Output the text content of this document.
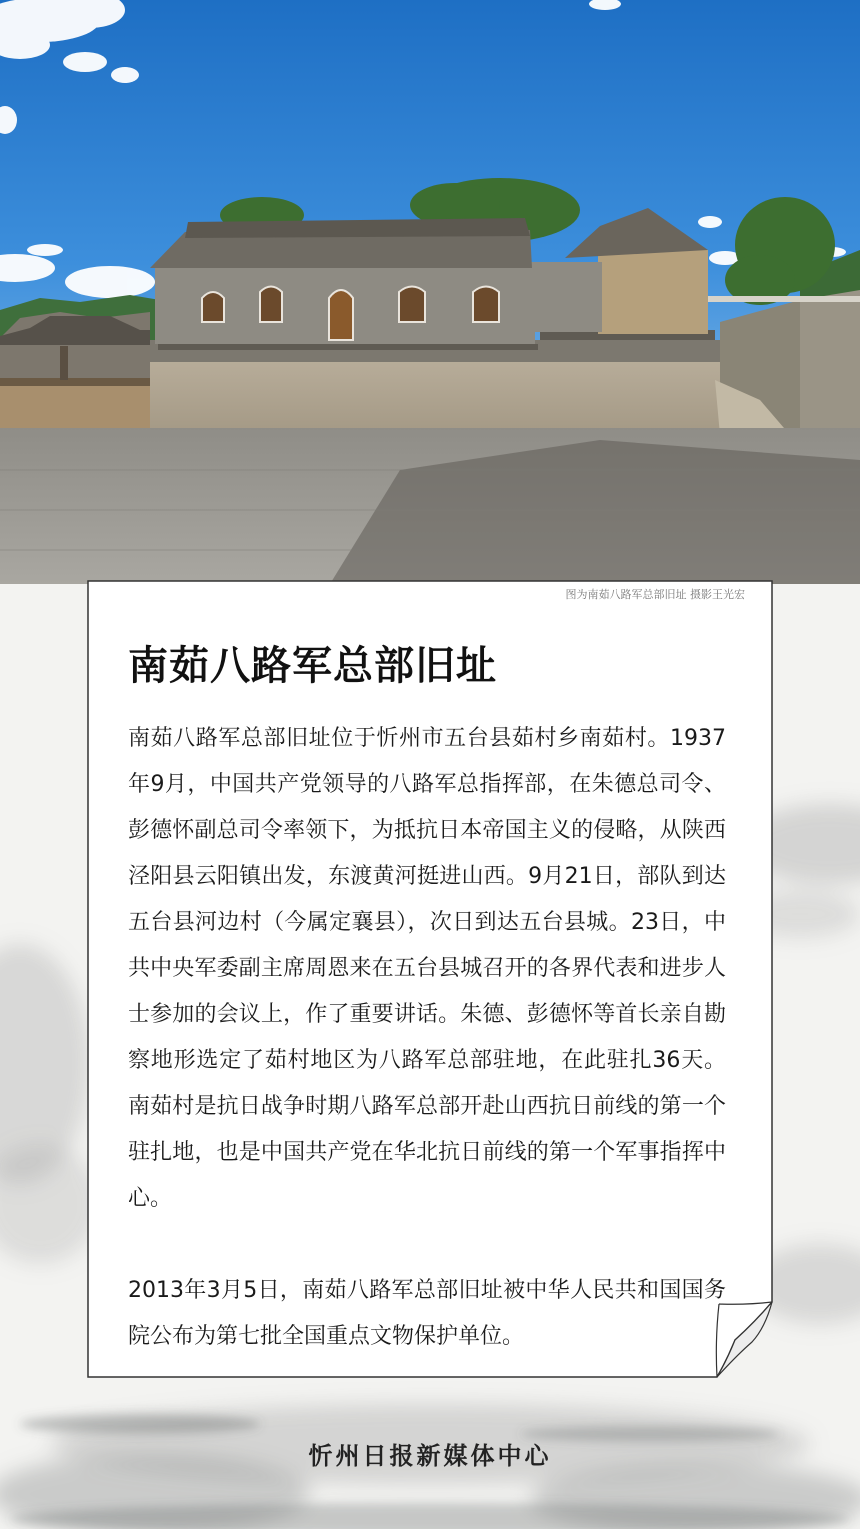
图为南茹八路军总部旧址 摄影王光宏
南茹八路军总部旧址

南茹八路军总部旧址位于忻州市五台县茹村乡南茹村。1937年9月，中国共产党领导的八路军总指挥部，在朱德总司令、彭德怀副总司令率领下，为抵抗日本帝国主义的侵略，从陕西泾阳县云阳镇出发，东渡黄河挺进山西。9月21日，部队到达五台县河边村（今属定襄县），次日到达五台县城。23日，中共中央军委副主席周恩来在五台县城召开的各界代表和进步人士参加的会议上，作了重要讲话。朱德、彭德怀等首长亲自勘察地形选定了茹村地区为八路军总部驻地，在此驻扎36天。南茹村是抗日战争时期八路军总部开赴山西抗日前线的第一个驻扎地，也是中国共产党在华北抗日前线的第一个军事指挥中心。

2013年3月5日，南茹八路军总部旧址被中华人民共和国国务院公布为第七批全国重点文物保护单位。

忻州日报新媒体中心
